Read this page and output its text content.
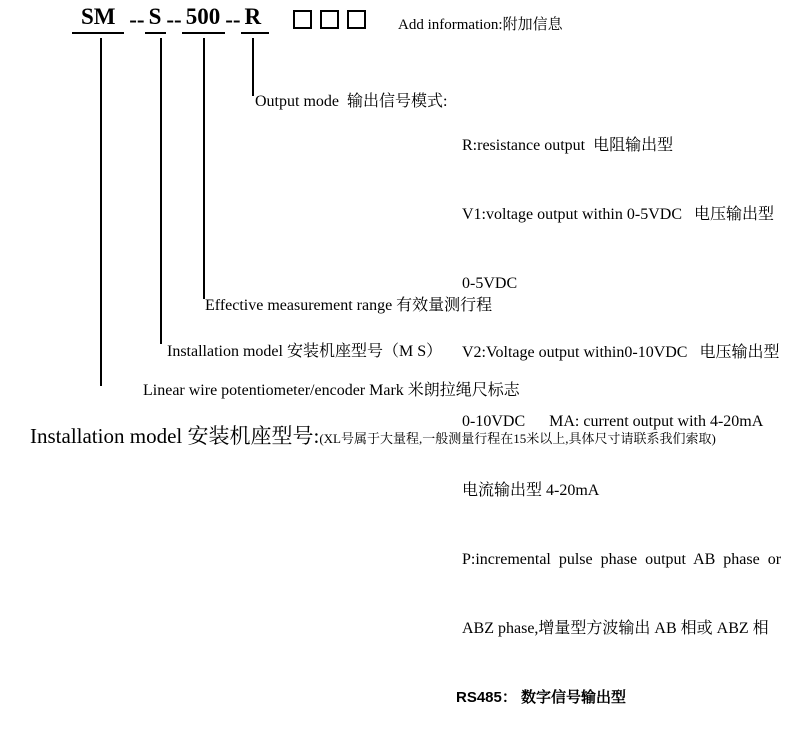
SM -- S -- 500 -- R	Add information:附加信息
Output mode  输出信号模式:

R:resistance output  电阻输出型

V1:voltage output within 0-5VDC   电压输出型

0-5VDC

V2:Voltage output within0-10VDC   电压输出型

0-10VDC      MA: current output with 4-20mA

电流输出型 4-20mA

P:incremental  pulse  phase  output  AB  phase  or

ABZ phase,增量型方波输出 AB 相或 ABZ 相

RS485： 数字信号输出型

Effective measurement range 有效量测行程
Installation model 安装机座型号（M S）
Linear wire potentiometer/encoder Mark 米朗拉绳尺标志
Installation model 安装机座型号:(XL号属于大量程,一般测量行程在15米以上,具体尺寸请联系我们索取)
